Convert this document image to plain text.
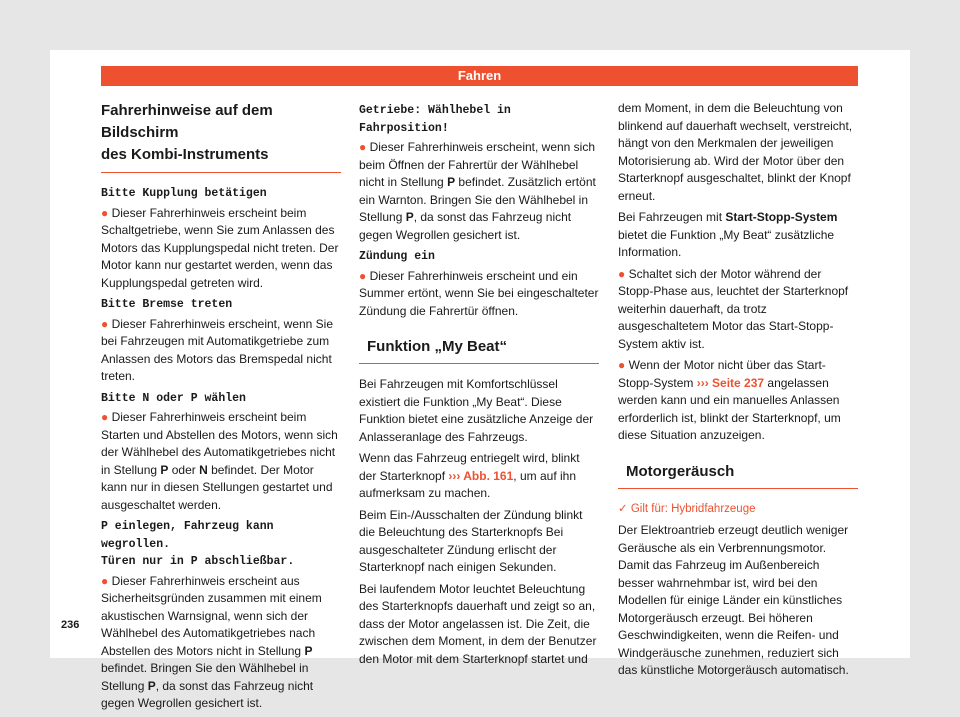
Fahren
Fahrerhinweise auf dem Bildschirm
des Kombi-Instruments

Bitte Kupplung betätigen

● Dieser Fahrerhinweis erscheint beim Schaltgetriebe, wenn Sie zum Anlassen des Motors das Kupplungspedal nicht treten. Der Motor kann nur gestartet werden, wenn das Kupplungspedal getreten wird.

Bitte Bremse treten

● Dieser Fahrerhinweis erscheint, wenn Sie bei Fahrzeugen mit Automatikgetriebe zum Anlassen des Motors das Bremspedal nicht treten.

Bitte N oder P wählen

● Dieser Fahrerhinweis erscheint beim Starten und Abstellen des Motors, wenn sich der Wählhebel des Automatikgetriebes nicht in Stellung P oder N befindet. Der Motor kann nur in diesen Stellungen gestartet und ausgeschaltet werden.

P einlegen, Fahrzeug kann wegrollen.
Türen nur in P abschließbar.

● Dieser Fahrerhinweis erscheint aus Sicherheitsgründen zusammen mit einem akustischen Warnsignal, wenn sich der Wählhebel des Automatikgetriebes nach Abstellen des Motors nicht in Stellung P befindet. Bringen Sie den Wählhebel in Stellung P, da sonst das Fahrzeug nicht gegen Wegrollen gesichert ist.

Getriebe: Wählhebel in Fahrposition!

● Dieser Fahrerhinweis erscheint, wenn sich beim Öffnen der Fahrertür der Wählhebel nicht in Stellung P befindet. Zusätzlich ertönt ein Warnton. Bringen Sie den Wählhebel in Stellung P, da sonst das Fahrzeug nicht gegen Wegrollen gesichert ist.

Zündung ein

● Dieser Fahrerhinweis erscheint und ein Summer ertönt, wenn Sie bei eingeschalteter Zündung die Fahrertür öffnen.

Funktion „My Beat“

Bei Fahrzeugen mit Komfortschlüssel existiert die Funktion „My Beat“. Diese Funktion bietet eine zusätzliche Anzeige der Anlasseranlage des Fahrzeugs.

Wenn das Fahrzeug entriegelt wird, blinkt der Starterknopf ››› Abb. 161, um auf ihn aufmerksam zu machen.

Beim Ein-/Ausschalten der Zündung blinkt die Beleuchtung des Starterknopfs Bei ausgeschalteter Zündung erlischt der Starterknopf nach einigen Sekunden.

Bei laufendem Motor leuchtet Beleuchtung des Starterknopfs dauerhaft und zeigt so an, dass der Motor angelassen ist. Die Zeit, die zwischen dem Moment, in dem der Benutzer den Motor mit dem Starterknopf startet und

dem Moment, in dem die Beleuchtung von blinkend auf dauerhaft wechselt, verstreicht, hängt von den Merkmalen der jeweiligen Motorisierung ab. Wird der Motor über den Starterknopf ausgeschaltet, blinkt der Knopf erneut.

Bei Fahrzeugen mit Start-Stopp-System bietet die Funktion „My Beat“ zusätzliche Information.

● Schaltet sich der Motor während der Stopp-Phase aus, leuchtet der Starterknopf weiterhin dauerhaft, da trotz ausgeschaltetem Motor das Start-Stopp-System aktiv ist.

● Wenn der Motor nicht über das Start-Stopp-System ››› Seite 237 angelassen werden kann und ein manuelles Anlassen erforderlich ist, blinkt der Starterknopf, um diese Situation anzuzeigen.

Motorgeräusch

✓ Gilt für: Hybridfahrzeuge

Der Elektroantrieb erzeugt deutlich weniger Geräusche als ein Verbrennungsmotor. Damit das Fahrzeug im Außenbereich besser wahrnehmbar ist, wird bei den Modellen für einige Länder ein künstliches Motorgeräusch erzeugt. Bei höheren Geschwindigkeiten, wenn die Reifen- und Windgeräusche zunehmen, reduziert sich das künstliche Motorgeräusch automatisch.

236
